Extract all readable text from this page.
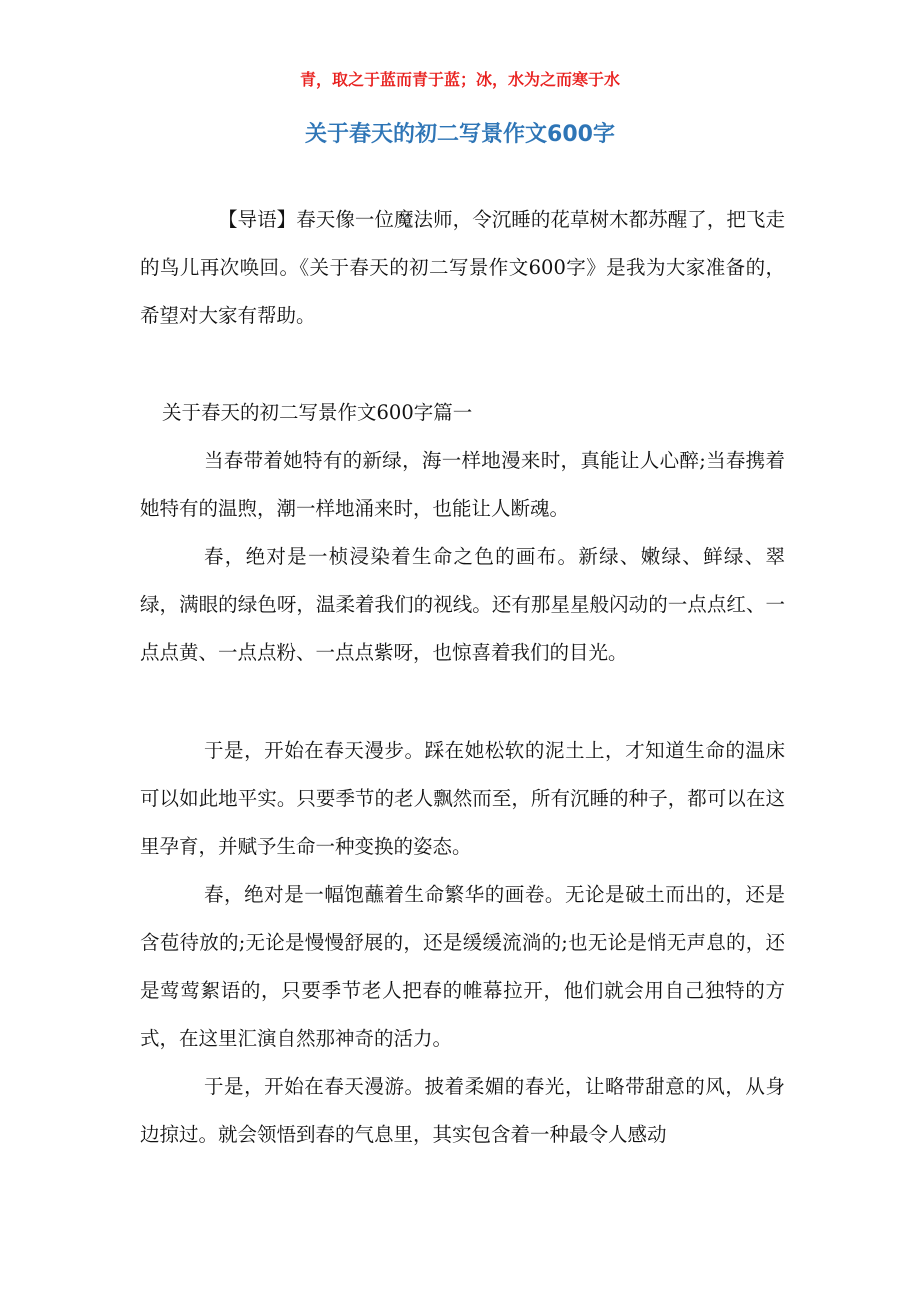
青，取之于蓝而青于蓝；冰，水为之而寒于水
关于春天的初二写景作文600字

【导语】春天像一位魔法师，令沉睡的花草树木都苏醒了，把飞走的鸟儿再次唤回。《关于春天的初二写景作文600字》是我为大家准备的，希望对大家有帮助。

关于春天的初二写景作文600字篇一

当春带着她特有的新绿，海一样地漫来时，真能让人心醉;当春携着她特有的温煦，潮一样地涌来时，也能让人断魂。

春，绝对是一桢浸染着生命之色的画布。新绿、嫩绿、鲜绿、翠绿，满眼的绿色呀，温柔着我们的视线。还有那星星般闪动的一点点红、一点点黄、一点点粉、一点点紫呀，也惊喜着我们的目光。

于是，开始在春天漫步。踩在她松软的泥土上，才知道生命的温床可以如此地平实。只要季节的老人飘然而至，所有沉睡的种子，都可以在这里孕育，并赋予生命一种变换的姿态。

春，绝对是一幅饱蘸着生命繁华的画卷。无论是破土而出的，还是含苞待放的;无论是慢慢舒展的，还是缓缓流淌的;也无论是悄无声息的，还是莺莺絮语的，只要季节老人把春的帷幕拉开，他们就会用自己独特的方式，在这里汇演自然那神奇的活力。

于是，开始在春天漫游。披着柔媚的春光，让略带甜意的风，从身边掠过。就会领悟到春的气息里，其实包含着一种最令人感动
